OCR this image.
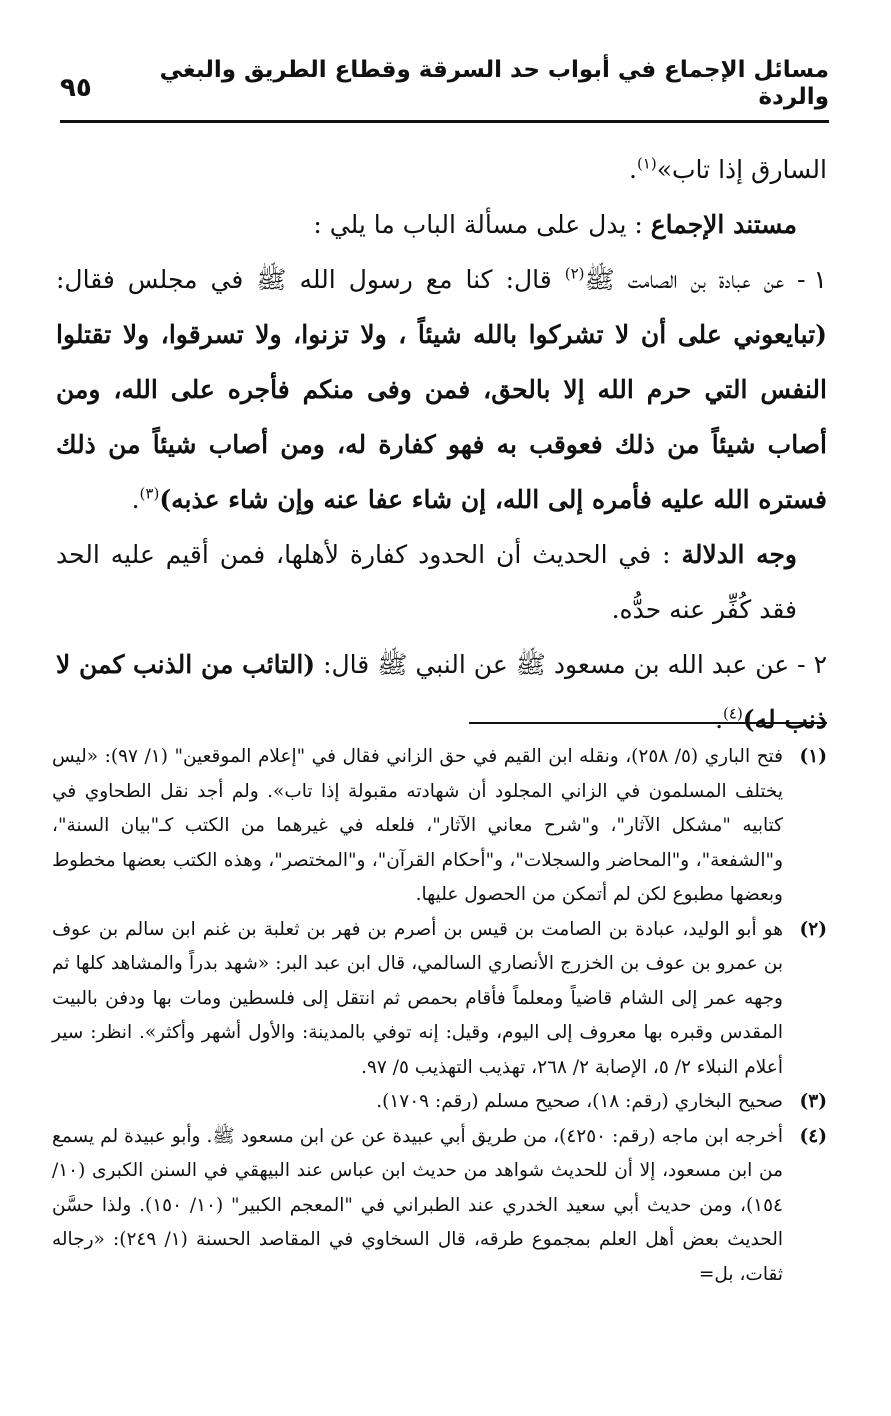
مسائل الإجماع في أبواب حد السرقة وقطاع الطريق والبغي والردة
٩٥

السارق إذا تاب»$^{(١)}$.

مستند الإجماع : يدل على مسألة الباب ما يلي :

١ - عن عبادة بن الصامت ﷺ$^{(٢)}$ قال: كنا مع رسول الله ﷺ في مجلس فقال: (تبايعوني على أن لا تشركوا بالله شيئاً ، ولا تزنوا، ولا تسرقوا، ولا تقتلوا النفس التي حرم الله إلا بالحق، فمن وفى منكم فأجره على الله، ومن أصاب شيئاً من ذلك فعوقب به فهو كفارة له، ومن أصاب شيئاً من ذلك فستره الله عليه فأمره إلى الله، إن شاء عفا عنه وإن شاء عذبه)$^{(٣)}$.

وجه الدلالة : في الحديث أن الحدود كفارة لأهلها، فمن أقيم عليه الحد فقد كُفِّر عنه حدُّه.

٢ - عن عبد الله بن مسعود ﷺ عن النبي ﷺ قال: (التائب من الذنب كمن لا ذنب له)$^{(٤)}$.

(١)
فتح الباري (٥/ ٢٥٨)، ونقله ابن القيم في حق الزاني فقال في "إعلام الموقعين" (١/ ٩٧): «ليس يختلف المسلمون في الزاني المجلود أن شهادته مقبولة إذا تاب». ولم أجد نقل الطحاوي في كتابيه "مشكل الآثار"، و"شرح معاني الآثار"، فلعله في غيرهما من الكتب كـ"بيان السنة"، و"الشفعة"، و"المحاضر والسجلات"، و"أحكام القرآن"، و"المختصر"، وهذه الكتب بعضها مخطوط وبعضها مطبوع لكن لم أتمكن من الحصول عليها.
(٢)
هو أبو الوليد، عبادة بن الصامت بن قيس بن أصرم بن فهر بن ثعلبة بن غنم ابن سالم بن عوف بن عمرو بن عوف بن الخزرج الأنصاري السالمي، قال ابن عبد البر: «شهد بدراً والمشاهد كلها ثم وجهه عمر إلى الشام قاضياً ومعلماً فأقام بحمص ثم انتقل إلى فلسطين ومات بها ودفن بالبيت المقدس وقبره بها معروف إلى اليوم، وقيل: إنه توفي بالمدينة: والأول أشهر وأكثر». انظر: سير أعلام النبلاء ٢/ ٥، الإصابة ٢/ ٢٦٨، تهذيب التهذيب ٥/ ٩٧.
(٣)
صحيح البخاري (رقم: ١٨)، صحيح مسلم (رقم: ١٧٠٩).
(٤)
أخرجه ابن ماجه (رقم: ٤٢٥٠)، من طريق أبي عبيدة عن عن ابن مسعود ﷺ. وأبو عبيدة لم يسمع من ابن مسعود، إلا أن للحديث شواهد من حديث ابن عباس عند البيهقي في السنن الكبرى (١٠/ ١٥٤)، ومن حديث أبي سعيد الخدري عند الطبراني في "المعجم الكبير" (١٠/ ١٥٠). ولذا حسَّن الحديث بعض أهل العلم بمجموع طرقه، قال السخاوي في المقاصد الحسنة (١/ ٢٤٩): «رجاله ثقات، بل=
